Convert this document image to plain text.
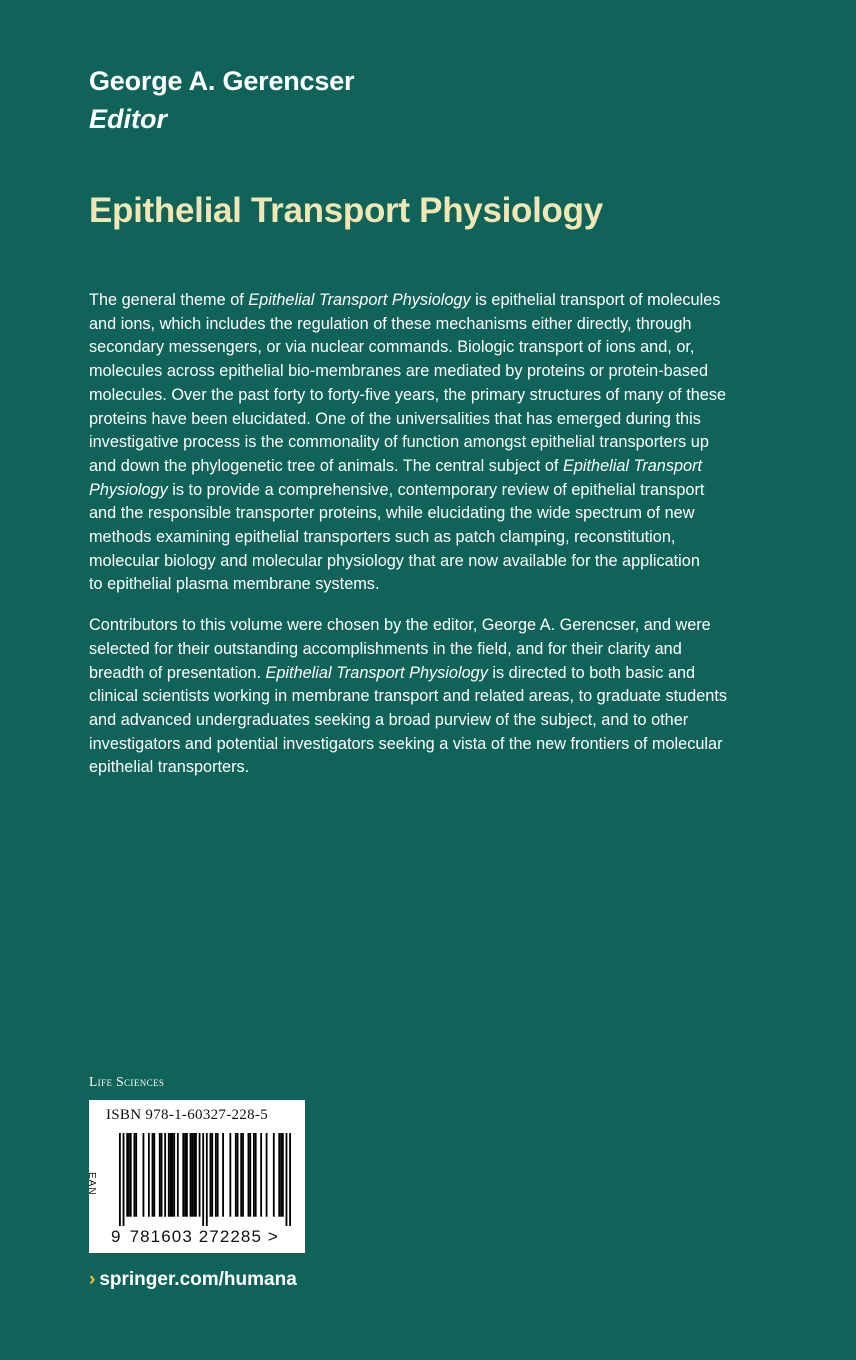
George A. Gerencser
Editor
Epithelial Transport Physiology

The general theme of Epithelial Transport Physiology is epithelial transport of molecules
and ions, which includes the regulation of these mechanisms either directly, through
secondary messengers, or via nuclear commands. Biologic transport of ions and, or,
molecules across epithelial bio-membranes are mediated by proteins or protein-based
molecules. Over the past forty to forty-five years, the primary structures of many of these
proteins have been elucidated. One of the universalities that has emerged during this
investigative process is the commonality of function amongst epithelial transporters up
and down the phylogenetic tree of animals. The central subject of Epithelial Transport
Physiology is to provide a comprehensive, contemporary review of epithelial transport
and the responsible transporter proteins, while elucidating the wide spectrum of new
methods examining epithelial transporters such as patch clamping, reconstitution,
molecular biology and molecular physiology that are now available for the application
to epithelial plasma membrane systems.

Contributors to this volume were chosen by the editor, George A. Gerencser, and were
selected for their outstanding accomplishments in the field, and for their clarity and
breadth of presentation. Epithelial Transport Physiology is directed to both basic and
clinical scientists working in membrane transport and related areas, to graduate students
and advanced undergraduates seeking a broad purview of the subject, and to other
investigators and potential investigators seeking a vista of the new frontiers of molecular
epithelial transporters.

Life Sciences
ISBN 978-1-60327-228-5
EAN
9 781603 272285 >
› springer.com/humana
